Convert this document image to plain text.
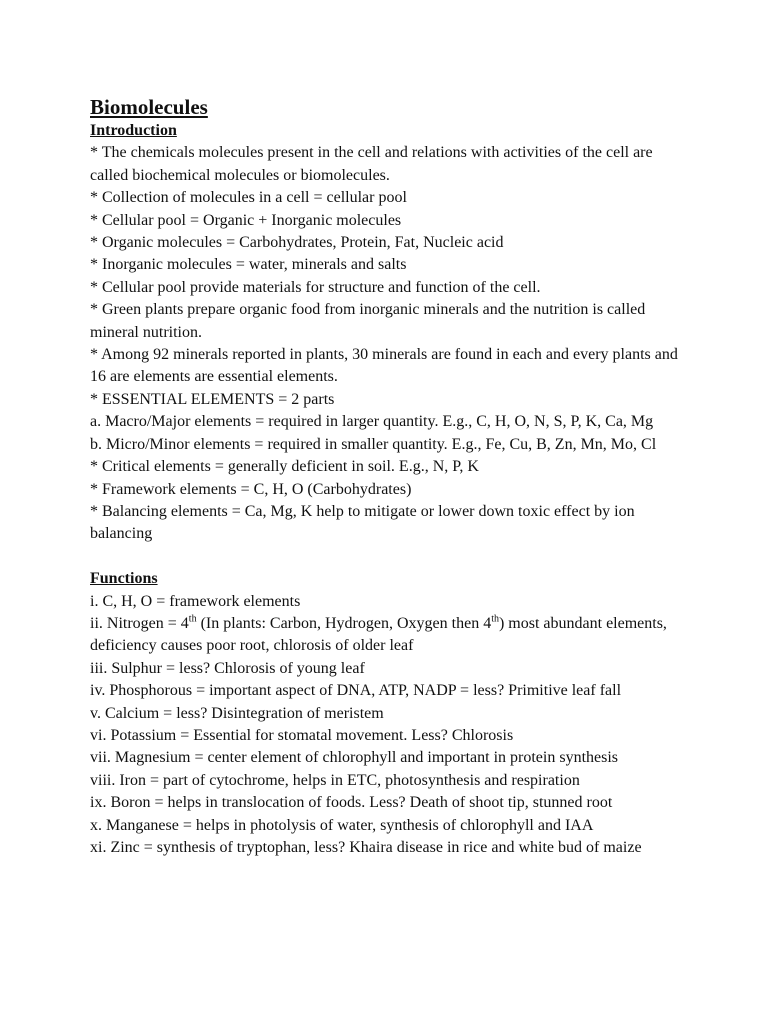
Biomolecules

Introduction

* The chemicals molecules present in the cell and relations with activities of the cell are called biochemical molecules or biomolecules.

* Collection of molecules in a cell = cellular pool

* Cellular pool = Organic + Inorganic molecules

* Organic molecules = Carbohydrates, Protein, Fat, Nucleic acid

* Inorganic molecules = water, minerals and salts

* Cellular pool provide materials for structure and function of the cell.

* Green plants prepare organic food from inorganic minerals and the nutrition is called mineral nutrition.

* Among 92 minerals reported in plants, 30 minerals are found in each and every plants and 16 are elements are essential elements.

* ESSENTIAL ELEMENTS = 2 parts

a. Macro/Major elements = required in larger quantity. E.g., C, H, O, N, S, P, K, Ca, Mg

b. Micro/Minor elements = required in smaller quantity. E.g., Fe, Cu, B, Zn, Mn, Mo, Cl

* Critical elements = generally deficient in soil. E.g., N, P, K

* Framework elements = C, H, O (Carbohydrates)

* Balancing elements = Ca, Mg, K help to mitigate or lower down toxic effect by ion balancing

Functions

i. C, H, O = framework elements

ii. Nitrogen = 4th (In plants: Carbon, Hydrogen, Oxygen then 4th) most abundant elements, deficiency causes poor root, chlorosis of older leaf

iii. Sulphur = less? Chlorosis of young leaf

iv. Phosphorous = important aspect of DNA, ATP, NADP = less? Primitive leaf fall

v. Calcium = less? Disintegration of meristem

vi. Potassium = Essential for stomatal movement. Less? Chlorosis

vii. Magnesium = center element of chlorophyll and important in protein synthesis

viii. Iron = part of cytochrome, helps in ETC, photosynthesis and respiration

ix. Boron = helps in translocation of foods. Less? Death of shoot tip, stunned root

x. Manganese = helps in photolysis of water, synthesis of chlorophyll and IAA

xi. Zinc = synthesis of tryptophan, less? Khaira disease in rice and white bud of maize
